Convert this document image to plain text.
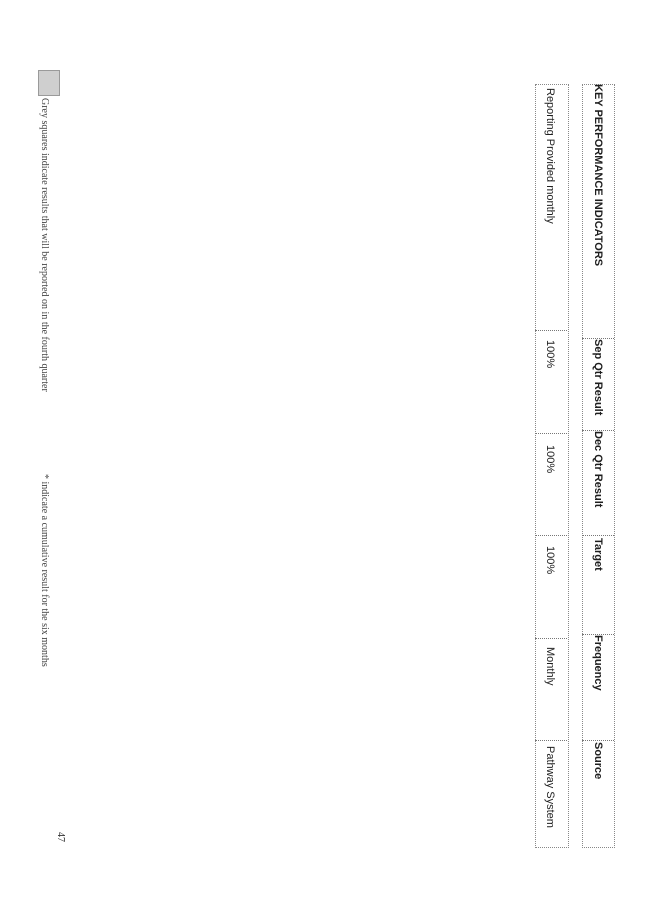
KEY PERFORMANCE INDICATORS
Sep Qtr Result
Dec Qtr Result
Target
Frequency
Source
Reporting Provided monthly
100%
100%
100%
Monthly
Pathway System
Grey squares indicate results that will be reported on in the fourth quarter
* indicate a cumulative result for the six months
47
